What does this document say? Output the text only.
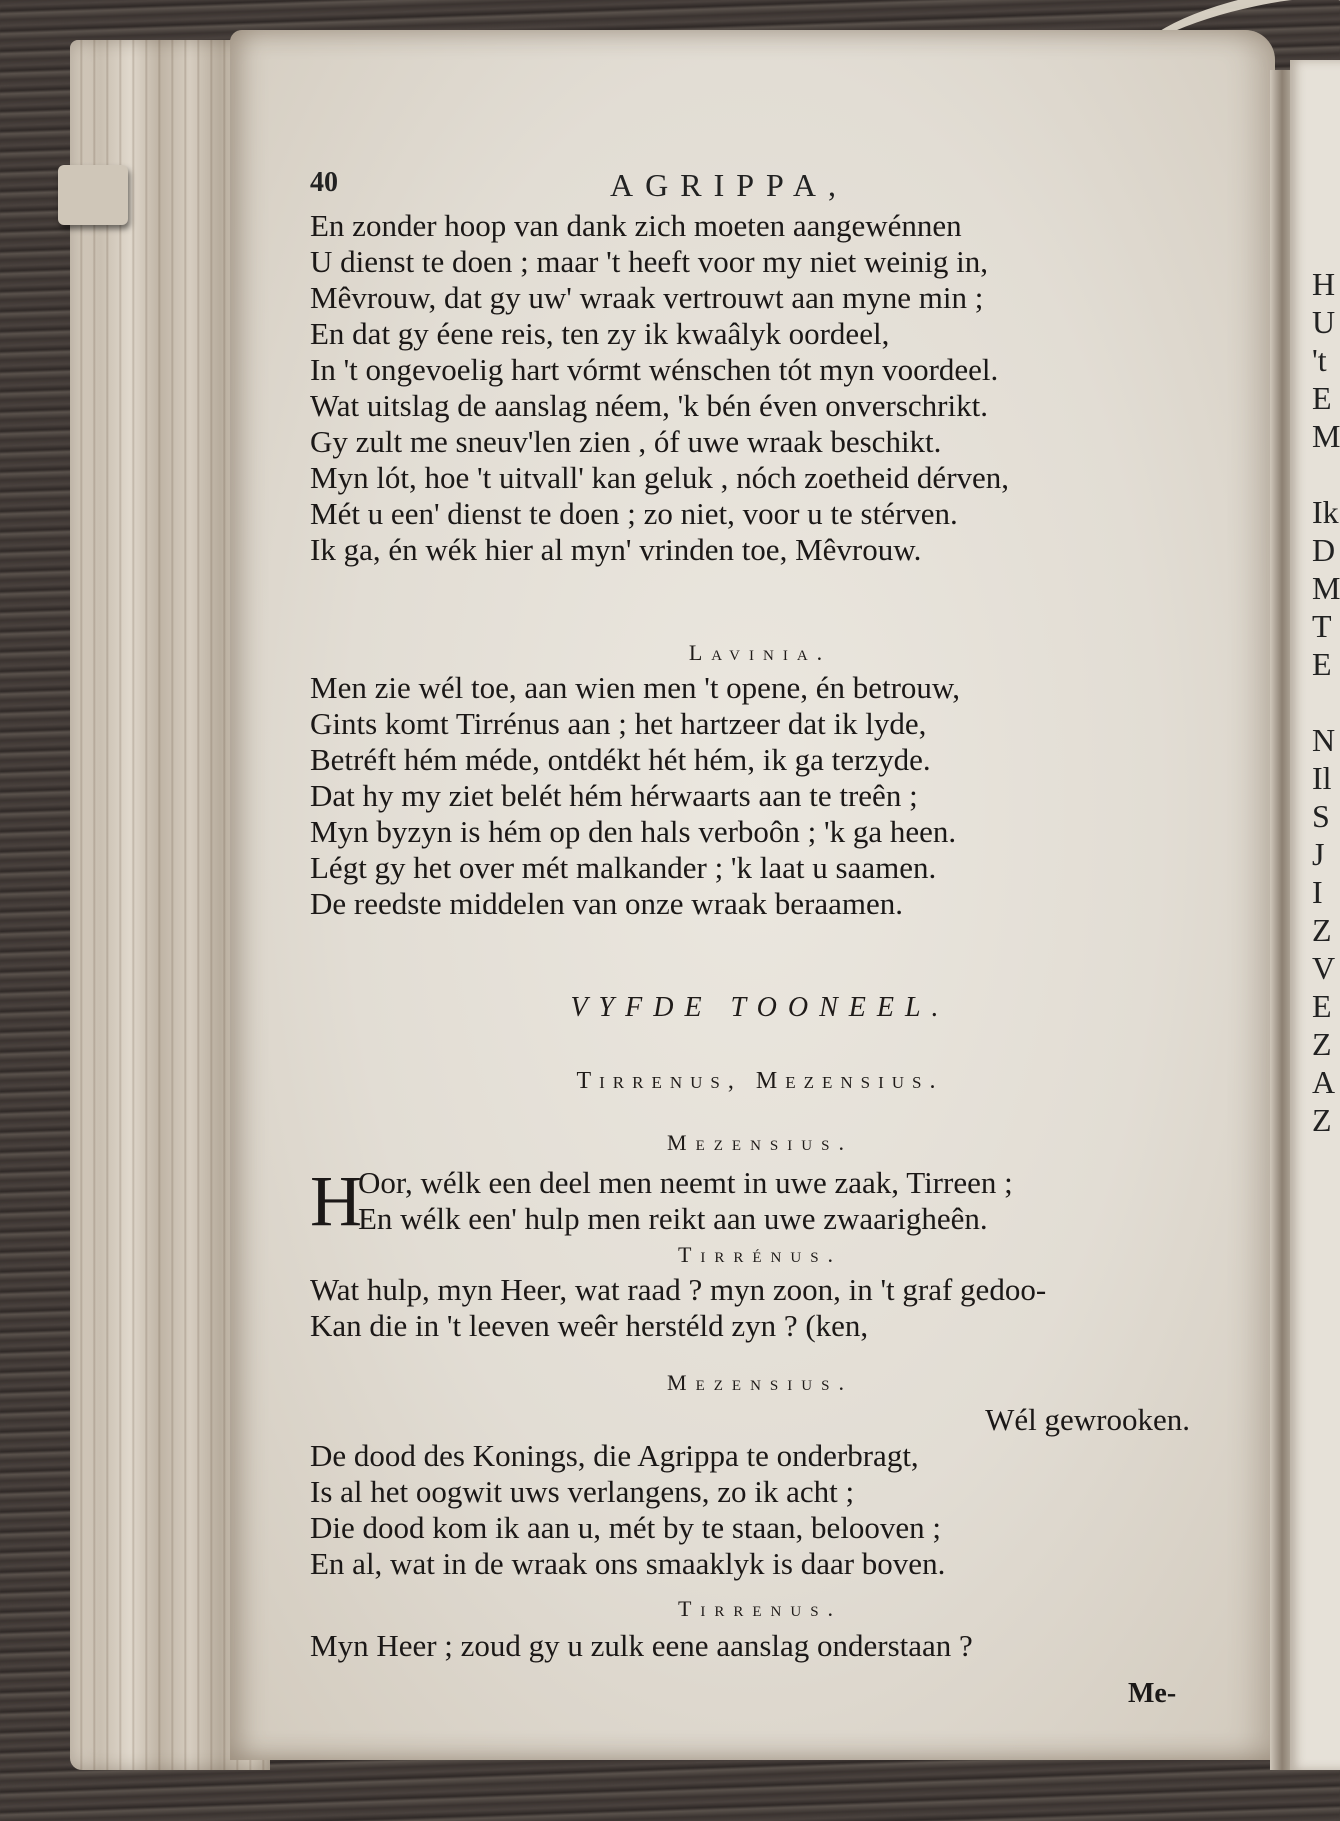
H
U
't
E
M
Ik
D
M
T
E
N
Il
S
J
I
Z
V
E
Z
A
Z
40	AGRIPPA,
En zonder hoop van dank zich moeten aangewénnen
U dienst te doen ; maar 't heeft voor my niet weinig in,
Mêvrouw, dat gy uw' wraak vertrouwt aan myne min ;
En dat gy éene reis, ten zy ik kwaâlyk oordeel,
In 't ongevoelig hart vórmt wénschen tót myn voordeel.
Wat uitslag de aanslag néem, 'k bén éven onverschrikt.
Gy zult me sneuv'len zien , óf uwe wraak beschikt.
Myn lót, hoe 't uitvall' kan geluk , nóch zoetheid dérven,
Mét u een' dienst te doen ; zo niet, voor u te stérven.
Ik ga, én wék hier al myn' vrinden toe, Mêvrouw.
Lavinia.
Men zie wél toe, aan wien men 't opene, én betrouw,
Gints komt Tirrénus aan ; het hartzeer dat ik lyde,
Betréft hém méde, ontdékt hét hém, ik ga terzyde.
Dat hy my ziet belét hém hérwaarts aan te treên ;
Myn byzyn is hém op den hals verboôn ; 'k ga heen.
Légt gy het over mét malkander ; 'k laat u saamen.
De reedste middelen van onze wraak beraamen.
VYFDE TOONEEL.
Tirrenus, Mezensius.
Mezensius.
H
Oor, wélk een deel men neemt in uwe zaak, Tirreen ;
En wélk een' hulp men reikt aan uwe zwaarigheên.
Tirrénus.
Wat hulp, myn Heer, wat raad ? myn zoon, in 't graf gedoo-
Kan die in 't leeven weêr herstéld zyn ? (ken,
Mezensius.
Wél gewrooken.
De dood des Konings, die Agrippa te onderbragt,
Is al het oogwit uws verlangens, zo ik acht ;
Die dood kom ik aan u, mét by te staan, belooven ;
En al, wat in de wraak ons smaaklyk is daar boven.
Tirrenus.
Myn Heer ; zoud gy u zulk eene aanslag onderstaan ?
Me-
